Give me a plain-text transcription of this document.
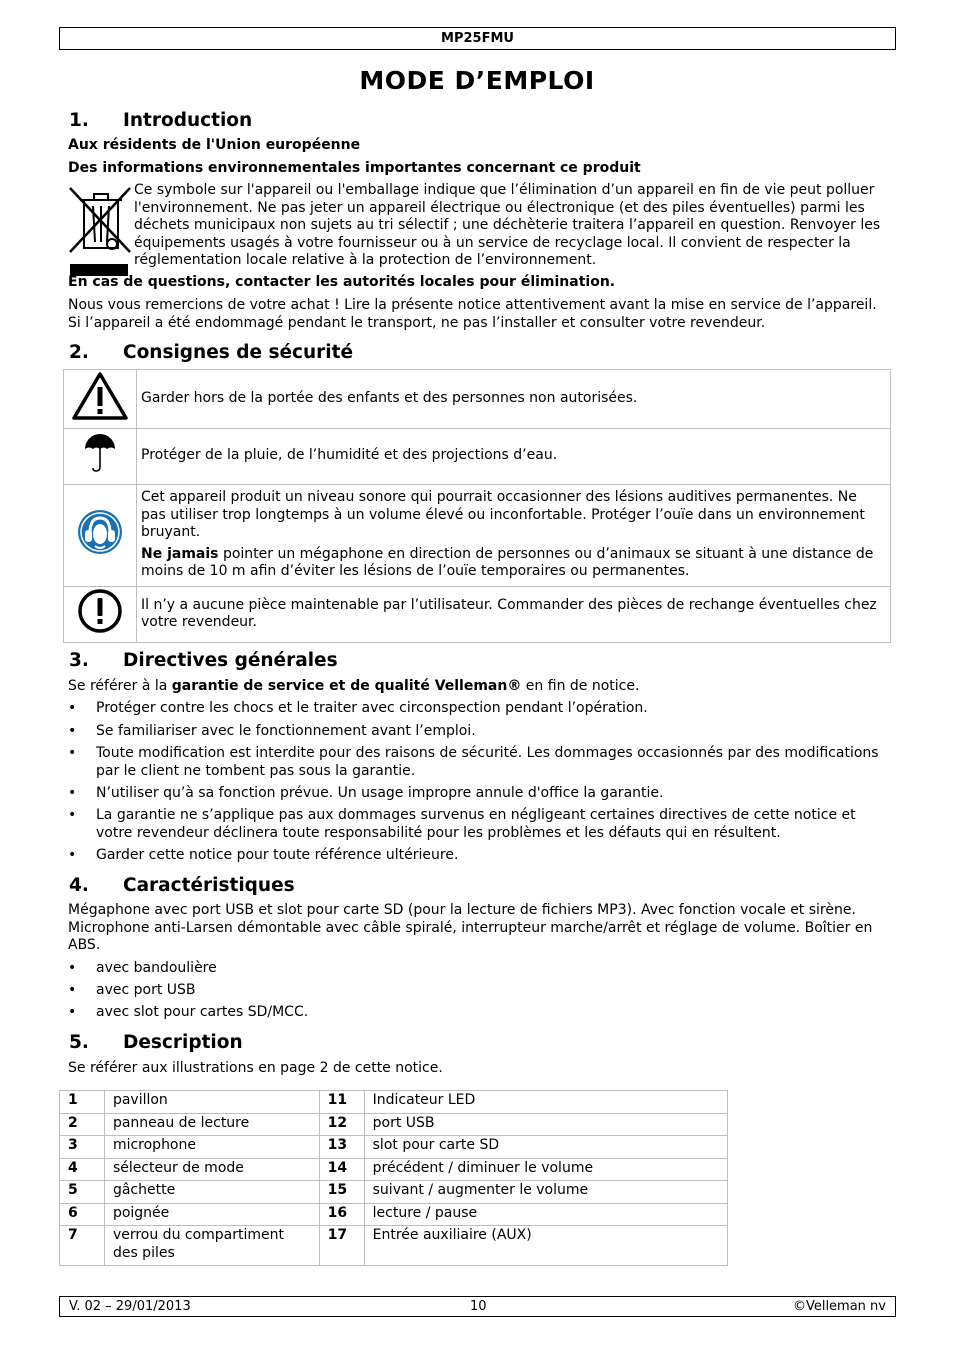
MP25FMU
MODE D’EMPLOI
1. Introduction
Aux résidents de l'Union européenne
Des informations environnementales importantes concernant ce produit
Ce symbole sur l'appareil ou l'emballage indique que l’élimination d’un appareil en fin de vie peut polluer l'environnement. Ne pas jeter un appareil électrique ou électronique (et des piles éventuelles) parmi les déchets municipaux non sujets au tri sélectif ; une déchèterie traitera l’appareil en question. Renvoyer les équipements usagés à votre fournisseur ou à un service de recyclage local. Il convient de respecter la réglementation locale relative à la protection de l’environnement.
En cas de questions, contacter les autorités locales pour élimination.
Nous vous remercions de votre achat ! Lire la présente notice attentivement avant la mise en service de l’appareil. Si l’appareil a été endommagé pendant le transport, ne pas l’installer et consulter votre revendeur.
2. Consignes de sécurité
	Garder hors de la portée des enfants et des personnes non autorisées.
	Protéger de la pluie, de l’humidité et des projections d’eau.

Cet appareil produit un niveau sonore qui pourrait occasionner des lésions auditives permanentes. Ne pas utiliser trop longtemps à un volume élevé ou inconfortable. Protéger l’ouïe dans un environnement bruyant.
Ne jamais pointer un mégaphone en direction de personnes ou d’animaux se situant à une distance de moins de 10 m afin d’éviter les lésions de l’ouïe temporaires ou permanentes.

	Il n’y a aucune pièce maintenable par l’utilisateur. Commander des pièces de rechange éventuelles chez votre revendeur.
3. Directives générales
Se référer à la garantie de service et de qualité Velleman® en fin de notice.
• Protéger contre les chocs et le traiter avec circonspection pendant l’opération.
• Se familiariser avec le fonctionnement avant l’emploi.
• Toute modification est interdite pour des raisons de sécurité. Les dommages occasionnés par des modifications par le client ne tombent pas sous la garantie.
• N’utiliser qu’à sa fonction prévue. Un usage impropre annule d'office la garantie.
• La garantie ne s’applique pas aux dommages survenus en négligeant certaines directives de cette notice et votre revendeur déclinera toute responsabilité pour les problèmes et les défauts qui en résultent.
• Garder cette notice pour toute référence ultérieure.
4. Caractéristiques
Mégaphone avec port USB et slot pour carte SD (pour la lecture de fichiers MP3). Avec fonction vocale et sirène. Microphone anti-Larsen démontable avec câble spiralé, interrupteur marche/arrêt et réglage de volume. Boîtier en ABS.
• avec bandoulière
• avec port USB
• avec slot pour cartes SD/MCC.
5. Description
Se référer aux illustrations en page 2 de cette notice.
1	pavillon	11	Indicateur LED
2	panneau de lecture	12	port USB
3	microphone	13	slot pour carte SD
4	sélecteur de mode	14	précédent / diminuer le volume
5	gâchette	15	suivant / augmenter le volume
6	poignée	16	lecture / pause
7	verrou du compartiment des piles	17	Entrée auxiliaire (AUX)
V. 02 – 29/01/2013	10	©Velleman nv
